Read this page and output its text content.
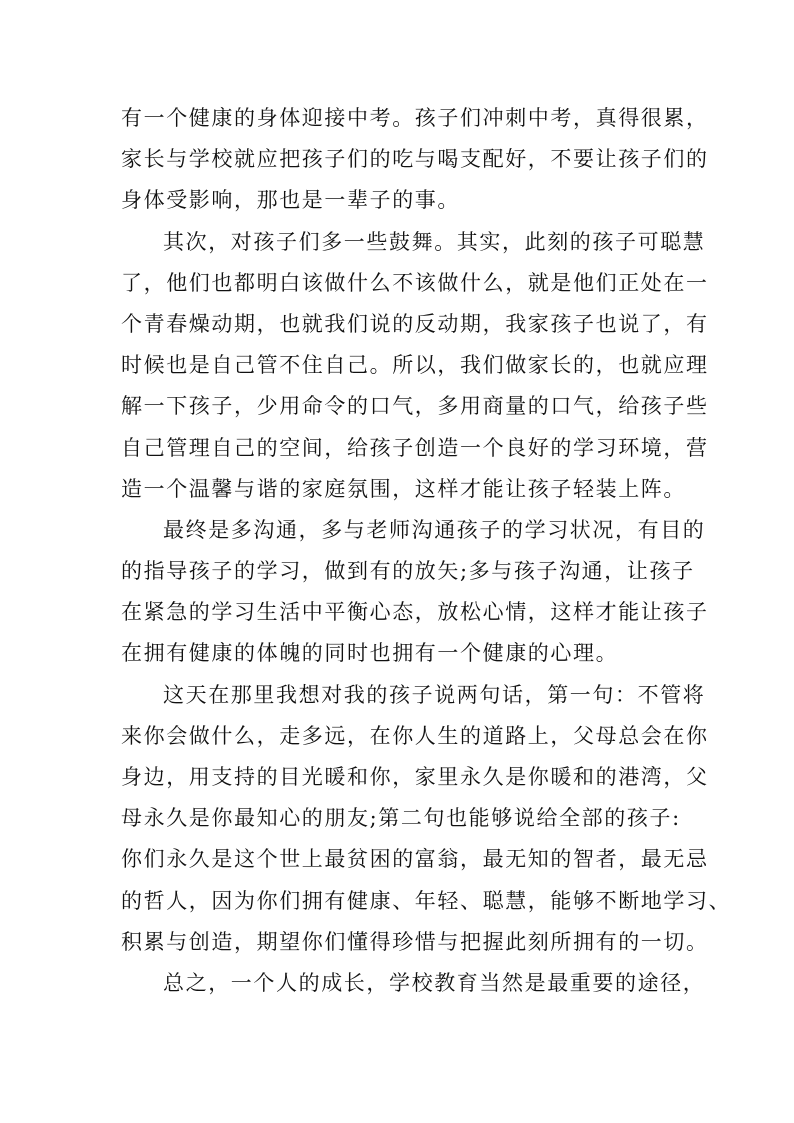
有一个健康的身体迎接中考。孩子们冲刺中考，真得很累，
家长与学校就应把孩子们的吃与喝支配好，不要让孩子们的
身体受影响，那也是一辈子的事。
其次，对孩子们多一些鼓舞。其实，此刻的孩子可聪慧
了，他们也都明白该做什么不该做什么，就是他们正处在一
个青春燥动期，也就我们说的反动期，我家孩子也说了，有
时候也是自己管不住自己。所以，我们做家长的，也就应理
解一下孩子，少用命令的口气，多用商量的口气，给孩子些
自己管理自己的空间，给孩子创造一个良好的学习环境，营
造一个温馨与谐的家庭氛围，这样才能让孩子轻装上阵。
最终是多沟通，多与老师沟通孩子的学习状况，有目的
的指导孩子的学习，做到有的放矢;多与孩子沟通，让孩子
在紧急的学习生活中平衡心态，放松心情，这样才能让孩子
在拥有健康的体魄的同时也拥有一个健康的心理。
这天在那里我想对我的孩子说两句话，第一句：不管将
来你会做什么，走多远，在你人生的道路上，父母总会在你
身边，用支持的目光暖和你，家里永久是你暖和的港湾，父
母永久是你最知心的朋友;第二句也能够说给全部的孩子:
你们永久是这个世上最贫困的富翁，最无知的智者，最无忌
的哲人，因为你们拥有健康、年轻、聪慧，能够不断地学习、
积累与创造，期望你们懂得珍惜与把握此刻所拥有的一切。
总之，一个人的成长，学校教育当然是最重要的途径，
